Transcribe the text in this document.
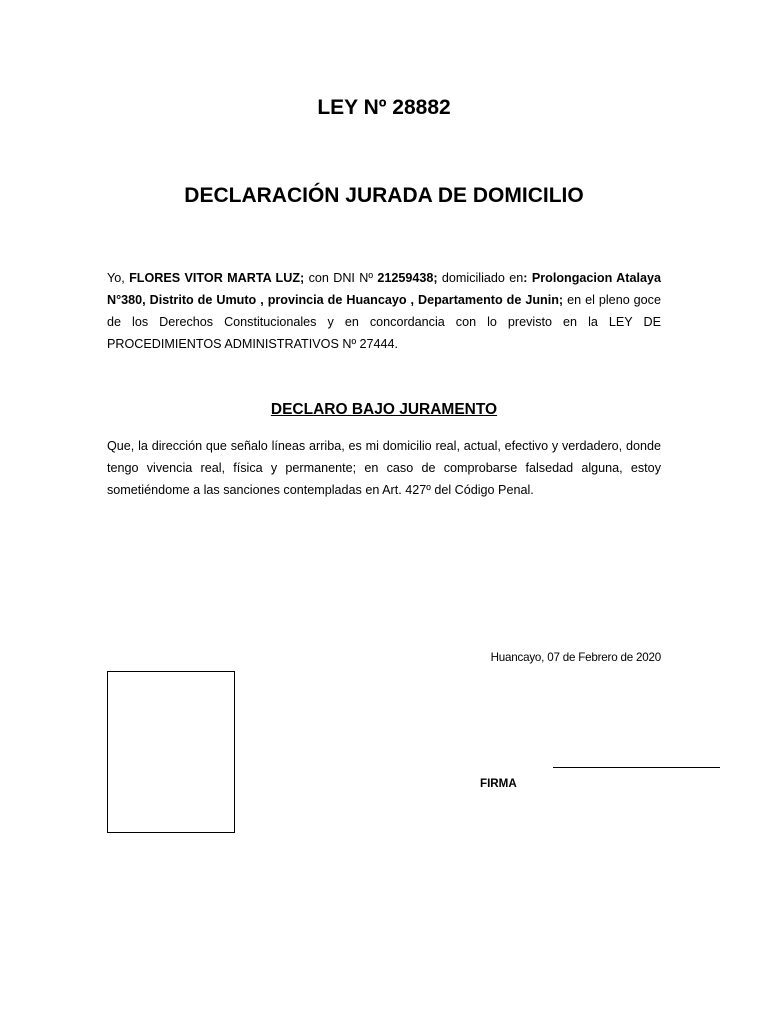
LEY Nº 28882
DECLARACIÓN JURADA DE DOMICILIO

Yo, FLORES VITOR MARTA LUZ; con DNI Nº 21259438; domiciliado en: Prolongacion Atalaya N°380, Distrito de Umuto , provincia de Huancayo , Departamento de Junin; en el pleno goce de los Derechos Constitucionales y en concordancia con lo previsto en la LEY DE PROCEDIMIENTOS ADMINISTRATIVOS Nº 27444.

DECLARO BAJO JURAMENTO

Que, la dirección que señalo líneas arriba, es mi domicilio real, actual, efectivo y verdadero, donde tengo vivencia real, física y permanente; en caso de comprobarse falsedad alguna, estoy sometiéndome a las sanciones contempladas en Art. 427º del Código Penal.

Huancayo, 07 de Febrero de 2020
FIRMA
